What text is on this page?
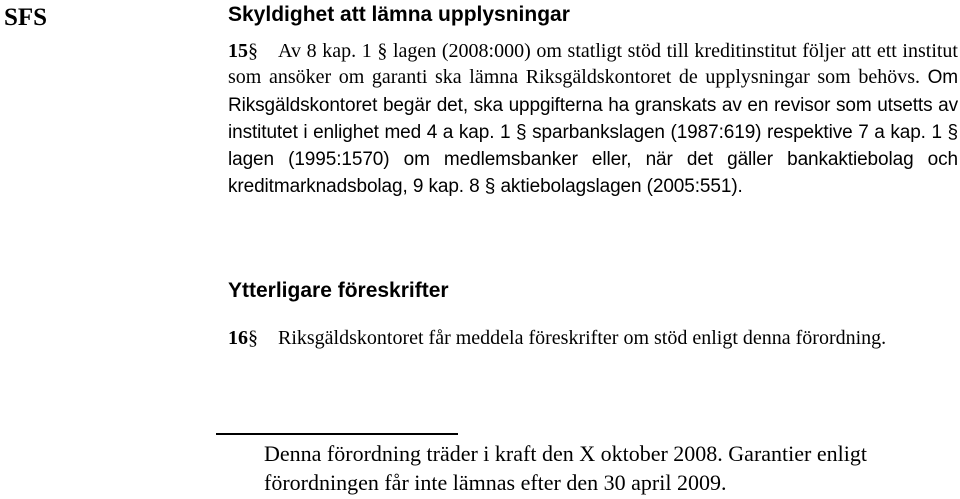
SFS	Skyldighet att lämna upplysningar
15§ Av 8 kap. 1 § lagen (2008:000) om statligt stöd till kreditinstitut följer att ett institut som ansöker om garanti ska lämna Riksgäldskontoret de upplysningar som behövs. Om Riksgäldskontoret begär det, ska uppgifterna ha granskats av en revisor som utsetts av institutet i enlighet med 4 a kap. 1 § sparbankslagen (1987:619) respektive 7 a kap. 1 § lagen (1995:1570) om medlemsbanker eller, när det gäller bankaktiebolag och kreditmarknadsbolag, 9 kap. 8 § aktiebolagslagen (2005:551).
Ytterligare föreskrifter
16§ Riksgäldskontoret får meddela föreskrifter om stöd enligt denna förordning.
Denna förordning träder i kraft den X oktober 2008. Garantier enligt förordningen får inte lämnas efter den 30 april 2009.
